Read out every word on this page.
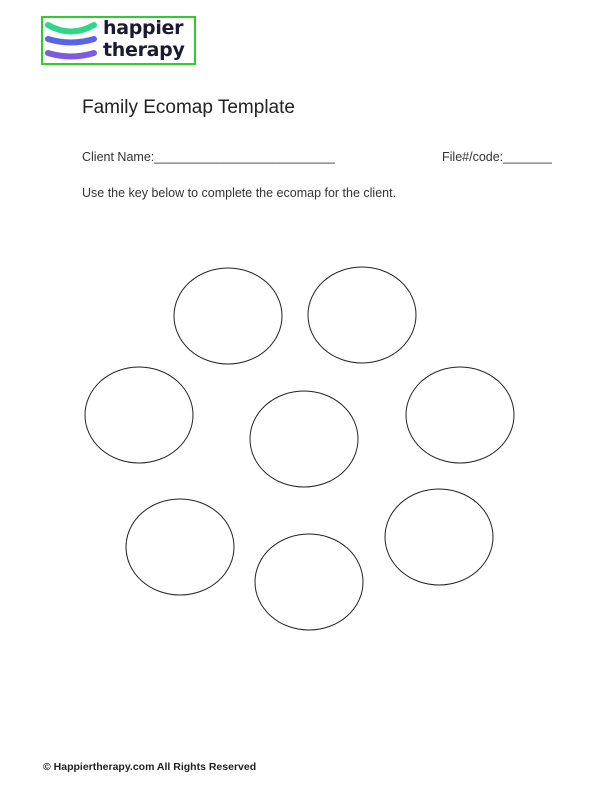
happier
therapy
Family Ecomap Template
Client Name:__________________________	File#/code:_______
Use the key below to complete the ecomap for the client.
© Happiertherapy.com All Rights Reserved
